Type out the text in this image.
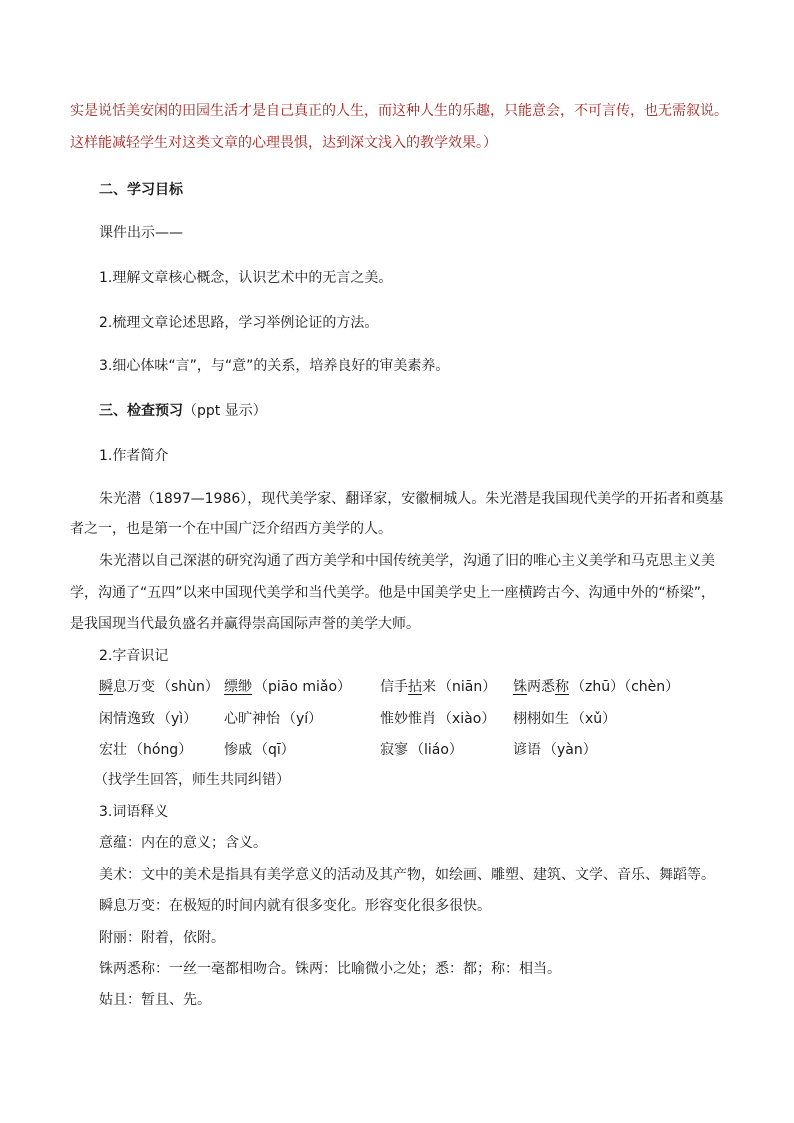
实是说恬美安闲的田园生活才是自己真正的人生，而这种人生的乐趣，只能意会，不可言传，也无需叙说。
这样能减轻学生对这类文章的心理畏惧，达到深文浅入的教学效果。）
二、学习目标
课件出示——
1.理解文章核心概念，认识艺术中的无言之美。
2.梳理文章论述思路，学习举例论证的方法。
3.细心体味“言”，与“意”的关系，培养良好的审美素养。
三、检查预习（ppt 显示）
1.作者简介
朱光潜（1897—1986），现代美学家、翻译家，安徽桐城人。朱光潜是我国现代美学的开拓者和奠基
者之一，也是第一个在中国广泛介绍西方美学的人。
朱光潜以自己深湛的研究沟通了西方美学和中国传统美学，沟通了旧的唯心主义美学和马克思主义美
学，沟通了“五四”以来中国现代美学和当代美学。他是中国美学史上一座横跨古今、沟通中外的“桥梁”，
是我国现当代最负盛名并赢得崇高国际声誉的美学大师。
2.字音识记
瞬息万变 （shùn） 缥缈 （piāo miǎo） 信手拈来 （niān） 铢两悉称 （zhū）（chèn）
闲情逸致 （yì） 心旷神怡 （yí）	惟妙惟肖 （xiào） 栩栩如生 （xǔ）
宏壮 （hóng） 惨戚 （qī）	寂寥 （liáo）	谚语 （yàn）
（找学生回答，师生共同纠错）
3.词语释义
意蕴：内在的意义；含义。
美术：文中的美术是指具有美学意义的活动及其产物，如绘画、雕塑、建筑、文学、音乐、舞蹈等。
瞬息万变：在极短的时间内就有很多变化。形容变化很多很快。
附丽：附着，依附。
铢两悉称：一丝一毫都相吻合。铢两：比喻微小之处；悉：都；称：相当。
姑且：暂且、先。
